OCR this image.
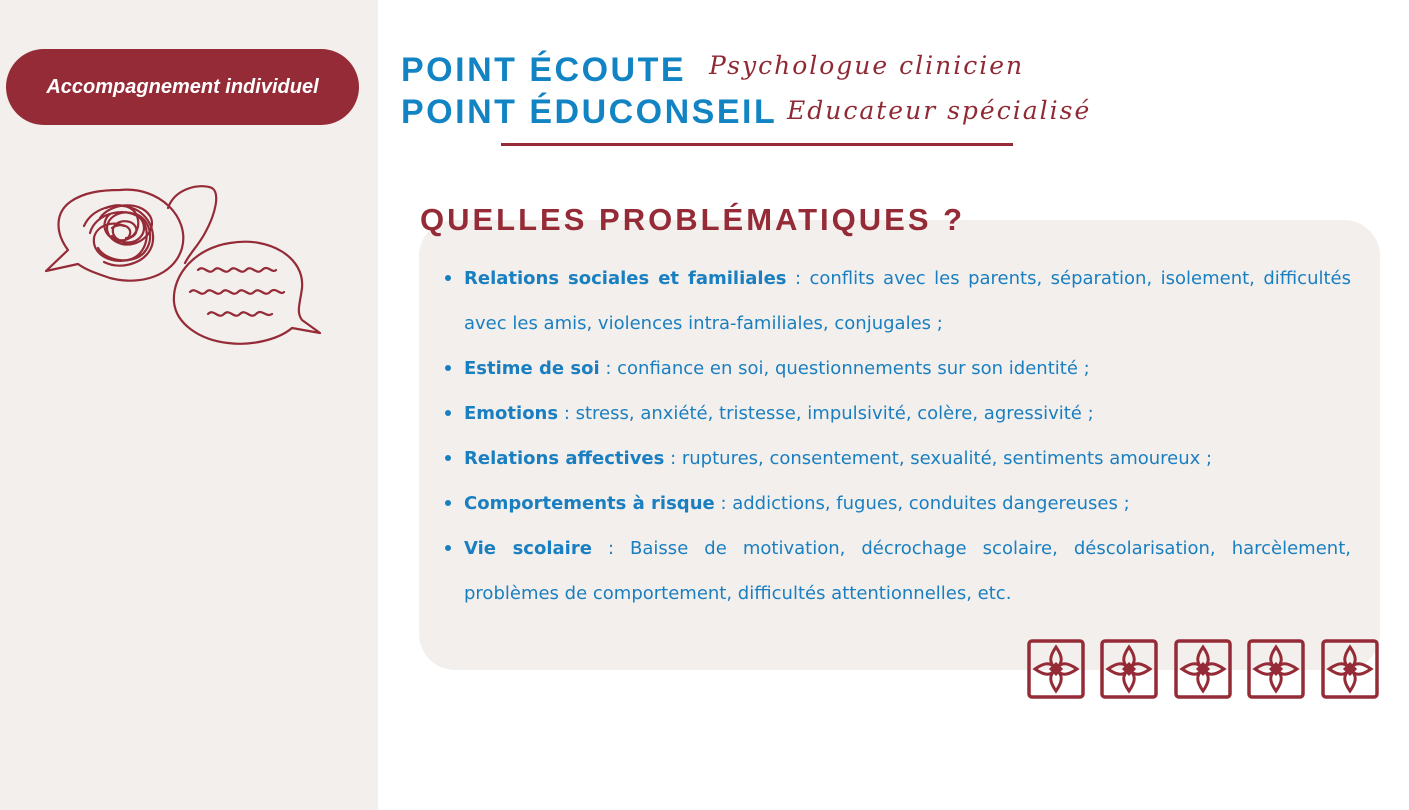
Accompagnement individuel POINT ÉCOUTE Psychologue clinicien
POINT ÉDUCONSEIL Educateur spécialisé
QUELLES PROBLÉMATIQUES ?
Relations sociales et familiales : conflits avec les parents, séparation, isolement, difficultés avec les amis, violences intra-familiales, conjugales ;
Estime de soi : confiance en soi, questionnements sur son identité ;
Emotions : stress, anxiété, tristesse, impulsivité, colère, agressivité ;
Relations affectives : ruptures, consentement, sexualité, sentiments amoureux ;
Comportements à risque : addictions, fugues, conduites dangereuses ;
Vie scolaire : Baisse de motivation, décrochage scolaire, déscolarisation, harcèlement, problèmes de comportement, difficultés attentionnelles, etc.
